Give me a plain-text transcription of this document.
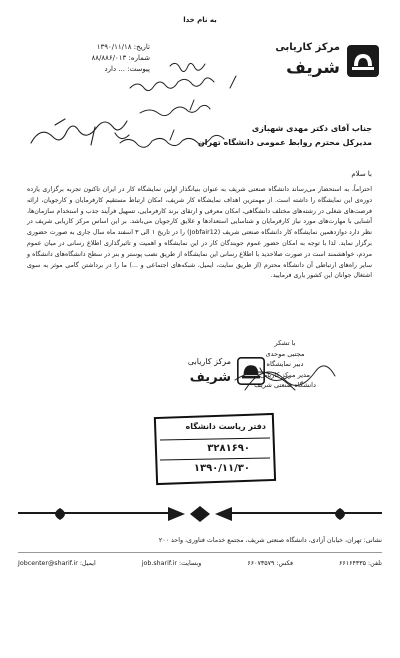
به نام خدا
مرکز کاریابی
شریف
تاریخ: ۱۳۹۰/۱۱/۱۸
شماره: ۸۸/۸۸۶/۰۱۳
پیوست: ... دارد
جناب آقای دکتر مهدی شهبازی
مدیرکل محترم روابط عمومی دانشگاه تهران
با سلام

احتراماً، به استحضار می‌رساند دانشگاه صنعتی شریف به عنوان بنیانگذار اولین نمایشگاه کار در ایران تاکنون تجربه برگزاری یازده دوره‌ی این نمایشگاه را داشته است. از مهمترین اهداف نمایشگاه کار شریف، امکان ارتباط مستقیم کارفرمایان و کارجویان، ارائه فرصت‌های شغلی در رشته‌های مختلف دانشگاهی، امکان معرفی و ارتقای برند کارفرمایی، تسهیل فرآیند جذب و استخدام سازمان‌ها، آشنایی با مهارت‌های مورد نیاز کارفرمایان و شناسایی استعدادها و علایق کارجویان می‌باشد. بر این اساس مرکز کاریابی شریف در نظر دارد دوازدهمین نمایشگاه کار دانشگاه صنعتی شریف (Jobfair12) را در تاریخ ۱ الی ۳ اسفند ماه سال جاری به صورت حضوری برگزار نماید. لذا با توجه به امکان حضور عموم جویندگان کار در این نمایشگاه و اهمیت و تاثیرگذاری اطلاع رسانی در میان عموم مردم، خواهشمند است در صورت صلاحدید با اطلاع رسانی این نمایشگاه از طریق نصب پوستر و بنر در سطح دانشگاه‌های دانشگاه و سایر راه‌های ارتباطی آن دانشگاه محترم (از طریق سایت، ایمیل، شبکه‌های اجتماعی و ...) ما را در برداشتن گامی موثر به سوی اشتغال جوانان این کشور یاری فرمایید.

با تشکر
مجتبی موحدی
دبیر نمایشگاه
مدیر مرکز کاریابی
دانشگاه صنعتی شریف
مرکز کاریابی
شریف
دفتر ریاست دانشگاه
۳۲۸۱۶۹۰
۱۳۹۰/۱۱/۳۰
نشانی: تهران، خیابان آزادی، دانشگاه صنعتی شریف، مجتمع خدمات فناوری، واحد ۲۰۰
تلفن: ۶۶۱۶۴۳۳۵
فکس: ۶۶۰۷۳۵۷۹
وبسایت: job.sharif.ir
ایمیل: Jobcenter@sharif.ir
